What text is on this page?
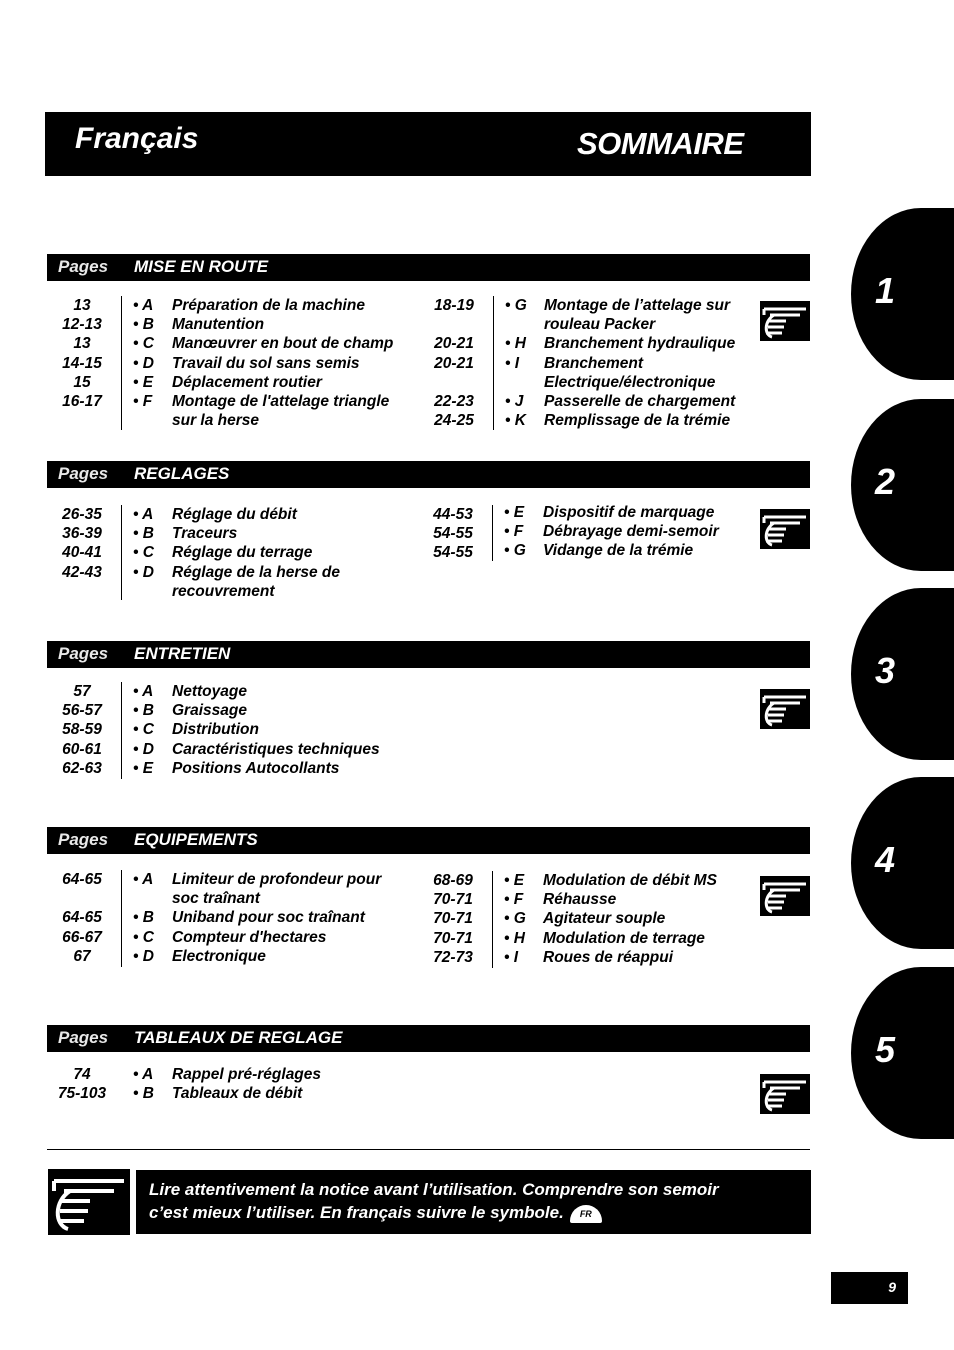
Français	SOMMAIRE
Pages MISE EN ROUTE
13
12-13
13
14-15
15
16-17
• A
• B
• C
• D
• E
• F
Préparation de la machine
Manutention
Manœuvrer en bout de champ
Travail du sol sans semis
Déplacement routier
Montage de l'attelage triangle
sur la herse
18-19
20-21
20-21
22-23
24-25
• G
• H
• I
• J
• K
Montage de l’attelage sur
rouleau Packer
Branchement hydraulique
Branchement
Electrique/électronique
Passerelle de chargement
Remplissage de la trémie
Pages REGLAGES
26-35
36-39
40-41
42-43
• A
• B
• C
• D
Réglage du débit
Traceurs
Réglage du terrage
Réglage de la herse de
recouvrement
44-53
54-55
54-55
• E
• F
• G
Dispositif de marquage
Débrayage demi-semoir
Vidange de la trémie
Pages ENTRETIEN
57
56-57
58-59
60-61
62-63
• A
• B
• C
• D
• E
Nettoyage
Graissage
Distribution
Caractéristiques techniques
Positions Autocollants
Pages EQUIPEMENTS
64-65
64-65
66-67
67
• A
• B
• C
• D
Limiteur de profondeur pour
soc traînant
Uniband pour soc traînant
Compteur d'hectares
Electronique
68-69
70-71
70-71
70-71
72-73
• E
• F
• G
• H
• I
Modulation de débit MS
Réhausse
Agitateur souple
Modulation de terrage
Roues de réappui
Pages TABLEAUX DE REGLAGE
74
75-103
• A
• B
Rappel pré-réglages
Tableaux de débit
1
2
3
4
5
Lire attentivement la notice avant l’utilisation. Comprendre son semoir
c’est mieux l’utiliser. En français suivre le symbole. FR
9
